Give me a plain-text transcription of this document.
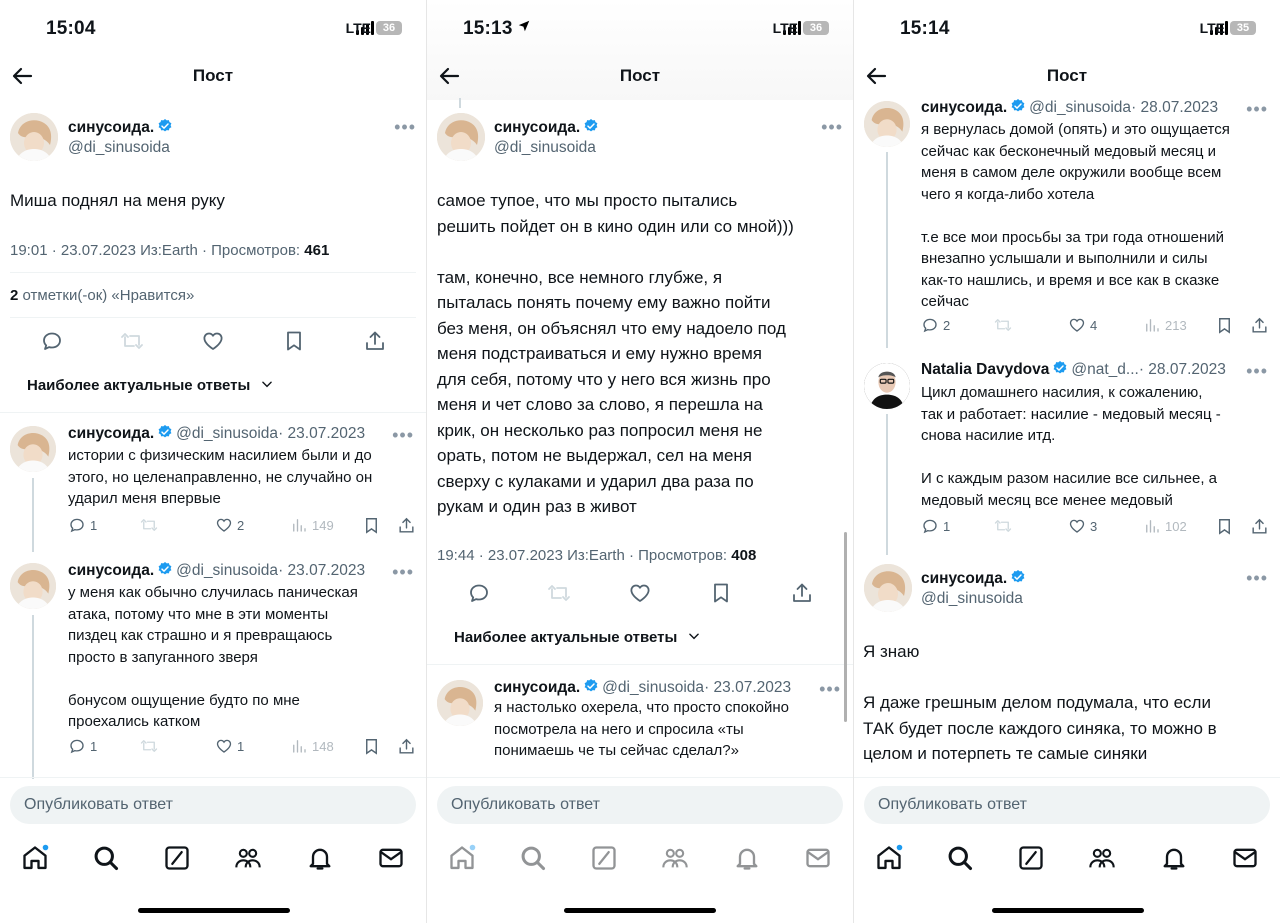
15:04	LTE	36
Пост
синусоида.
@di_sinusoida
•••
Миша поднял на меня руку
19:01 · 23.07.2023 Из:Earth · Просмотров: 461
2 отметки(-ок) «Нравится»
Наиболее актуальные ответы
синусоида. @di_sinusoida· 23.07.2023 •••
истории с физическим насилием были и до
этого, но целенаправленно, не случайно он
ударил меня впервые
1	2	149
синусоида. @di_sinusoida· 23.07.2023 •••
у меня как обычно случилась паническая
атака, потому что мне в эти моменты
пиздец как страшно и я превращаюсь
просто в запуганного зверя

бонусом ощущение будто по мне
проехались катком
1	1	148
Опубликовать ответ
15:13	LTE	36
Пост
синусоида.
@di_sinusoida
•••
самое тупое, что мы просто пытались
решить пойдет он в кино один или со мной)))

там, конечно, все немного глубже, я
пыталась понять почему ему важно пойти
без меня, он объяснял что ему надоело под
меня подстраиваться и ему нужно время
для себя, потому что у него вся жизнь про
меня и чет слово за слово, я перешла на
крик, он несколько раз попросил меня не
орать, потом не выдержал, сел на меня
сверху с кулаками и ударил два раза по
рукам и один раз в живот
19:44 · 23.07.2023 Из:Earth · Просмотров: 408
Наиболее актуальные ответы
синусоида. @di_sinusoida· 23.07.2023 •••
я настолько охерела, что просто спокойно
посмотрела на него и спросила «ты
понимаешь че ты сейчас сделал?»
Опубликовать ответ
15:14	LTE	35
Пост
синусоида. @di_sinusoida· 28.07.2023 •••
я вернулась домой (опять) и это ощущается
сейчас как бесконечный медовый месяц и
меня в самом деле окружили вообще всем
чего я когда-либо хотела

т.е все мои просьбы за три года отношений
внезапно услышали и выполнили и силы
как-то нашлись, и время и все как в сказке
сейчас
2	4	213
Natalia Davydova @nat_d...· 28.07.2023 •••
Цикл домашнего насилия, к сожалению,
так и работает: насилие - медовый месяц -
снова насилие итд.

И с каждым разом насилие все сильнее, а
медовый месяц все менее медовый
1	3	102
синусоида.
@di_sinusoida
•••
Я знаю

Я даже грешным делом подумала, что если
ТАК будет после каждого синяка, то можно в
целом и потерпеть те самые синяки
Опубликовать ответ
